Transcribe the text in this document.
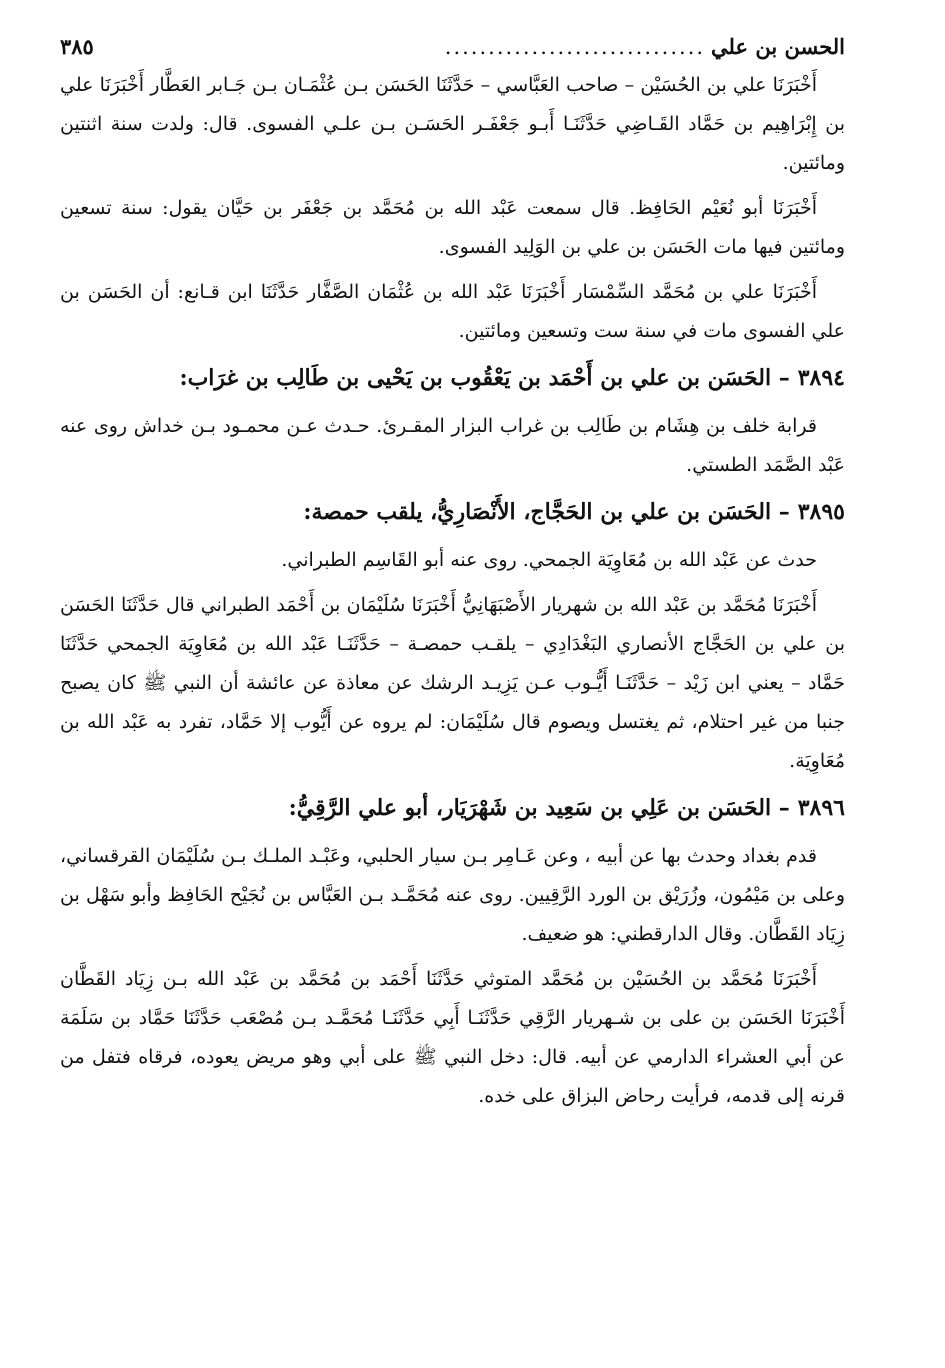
الحسن بن علي
..............................
٣٨٥

أَخْبَرَنَا علي بن الحُسَيْن – صاحب العَبَّاسي – حَدَّثَنَا الحَسَن بـن عُثْمَـان بـن جَـابر العَطَّار أَخْبَرَنَا علي بن إِبْرَاهِيم بن حَمَّاد القَـاضِي حَدَّثَنَـا أَبـو جَعْفَـر الحَسَـن بـن علـي الفسوى. قال: ولدت سنة اثنتين ومائتين.

أَخْبَرَنَا أبو نُعَيْم الحَافِظ. قال سمعت عَبْد الله بن مُحَمَّد بن جَعْفَر بن حَيَّان يقول: سنة تسعين ومائتين فيها مات الحَسَن بن علي بن الوَلِيد الفسوى.

أَخْبَرَنَا علي بن مُحَمَّد السِّمْسَار أَخْبَرَنَا عَبْد الله بن عُثْمَان الصَّفَّار حَدَّثَنَا ابن قـانع: أن الحَسَن بن علي الفسوى مات في سنة ست وتسعين ومائتين.

٣٨٩٤– الحَسَن بن علي بن أَحْمَد بن يَعْقُوب بن يَحْيى بن طَالِب بن غرَاب:

قرابة خلف بن هِشَام بن طَالِب بن غراب البزار المقـرئ. حـدث عـن محمـود بـن خداش روى عنه عَبْد الصَّمَد الطستي.

٣٨٩٥– الحَسَن بن علي بن الحَجَّاج، الأَنْصَارِيُّ، يلقب حمصة:

حدث عن عَبْد الله بن مُعَاوِيَة الجمحي. روى عنه أبو القَاسِم الطبراني.

أَخْبَرَنَا مُحَمَّد بن عَبْد الله بن شهريار الأَصْبَهَانِيُّ أَخْبَرَنَا سُلَيْمَان بن أَحْمَد الطبراني قال حَدَّثَنَا الحَسَن بن علي بن الحَجَّاج الأنصاري البَغْدَادِي – يلقـب حمصـة – حَدَّثَنَـا عَبْد الله بن مُعَاوِيَة الجمحي حَدَّثَنَا حَمَّاد – يعني ابن زَيْد – حَدَّثَنَـا أَيُّـوب عـن يَزِيـد الرشك عن معاذة عن عائشة أن النبي ﷺ كان يصبح جنبا من غير احتلام، ثم يغتسل ويصوم قال سُلَيْمَان: لم يروه عن أَيُّوب إلا حَمَّاد، تفرد به عَبْد الله بن مُعَاوِيَة.

٣٨٩٦– الحَسَن بن عَلِي بن سَعِيد بن شَهْرَيَار، أبو علي الرَّقِيُّ:

قدم بغداد وحدث بها عن أبيه ، وعن عَـامِر بـن سيار الحلبي، وعَبْـد الملـك بـن سُلَيْمَان القرقساني، وعلى بن مَيْمُون، وزُرَيْق بن الورد الرَّقِيين. روى عنه مُحَمَّـد بـن العَبَّاس بن نُجَيْح الحَافِظ وأبو سَهْل بن زِيَاد القَطَّان. وقال الدارقطني: هو ضعيف.

أَخْبَرَنَا مُحَمَّد بن الحُسَيْن بن مُحَمَّد المتوثي حَدَّثَنَا أَحْمَد بن مُحَمَّد بن عَبْد الله بـن زِيَاد القَطَّان أَخْبَرَنَا الحَسَن بن على بن شـهريار الرَّقِي حَدَّثَنَـا أَبِي حَدَّثَنَـا مُحَمَّـد بـن مُصْعَب حَدَّثَنَا حَمَّاد بن سَلَمَة عن أبي العشراء الدارمي عن أبيه. قال: دخل النبي ﷺ على أبي وهو مريض يعوده، فرقاه فتفل من قرنه إلى قدمه، فرأيت رحاض البزاق على خده.
